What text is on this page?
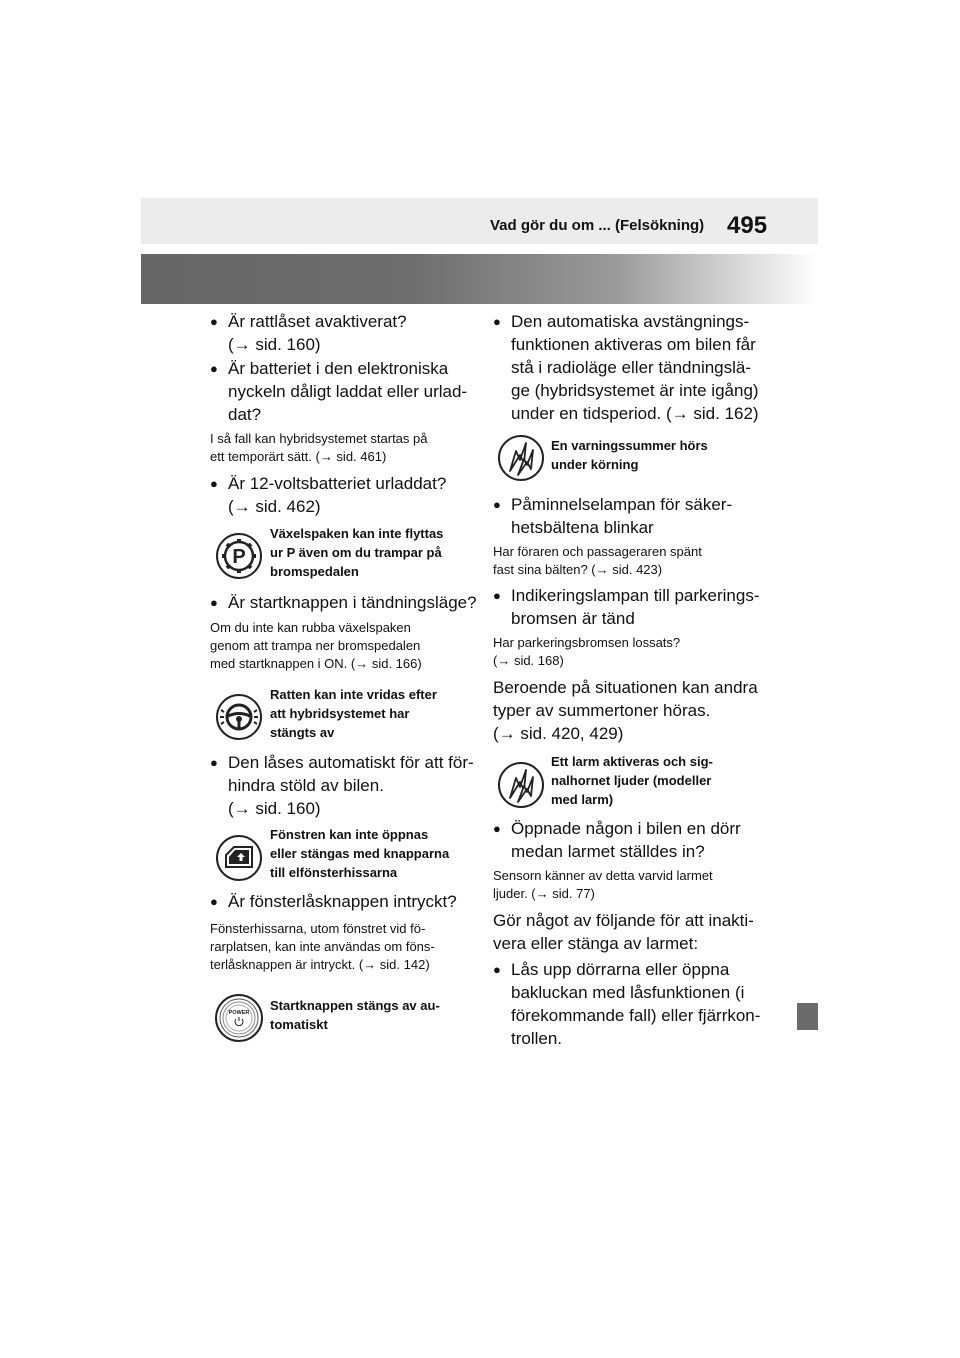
Vad gör du om ... (Felsökning) 495
● Är rattlåset avaktiverat?
(→ sid. 160)
● Är batteriet i den elektroniska
nyckeln dåligt laddat eller urlad-
dat?
I så fall kan hybridsystemet startas på
ett temporärt sätt. (→ sid. 461)
● Är 12-voltsbatteriet urladdat?
(→ sid. 462)
P
Växelspaken kan inte flyttas
ur P även om du trampar på
bromspedalen
● Är startknappen i tändningsläge?
Om du inte kan rubba växelspaken
genom att trampa ner bromspedalen
med startknappen i ON. (→ sid. 166)
Ratten kan inte vridas efter
att hybridsystemet har
stängts av
● Den låses automatiskt för att för-
hindra stöld av bilen.
(→ sid. 160)
Fönstren kan inte öppnas
eller stängas med knapparna
till elfönsterhissarna
● Är fönsterlåsknappen intryckt?
Fönsterhissarna, utom fönstret vid fö-
rarplatsen, kan inte användas om föns-
terlåsknappen är intryckt. (→ sid. 142)
POWER Startknappen stängs av au-
tomatiskt
● Den automatiska avstängnings-
funktionen aktiveras om bilen får
stå i radioläge eller tändningslä-
ge (hybridsystemet är inte igång)
under en tidsperiod. (→ sid. 162)
En varningssummer hörs
under körning
● Påminnelselampan för säker-
hetsbältena blinkar
Har föraren och passageraren spänt
fast sina bälten? (→ sid. 423)
● Indikeringslampan till parkerings-
bromsen är tänd
Har parkeringsbromsen lossats?
(→ sid. 168)
Beroende på situationen kan andra
typer av summertoner höras.
(→ sid. 420, 429)
Ett larm aktiveras och sig-
nalhornet ljuder (modeller
med larm)
● Öppnade någon i bilen en dörr
medan larmet ställdes in?
Sensorn känner av detta varvid larmet
ljuder. (→ sid. 77)
Gör något av följande för att inakti-
vera eller stänga av larmet:
● Lås upp dörrarna eller öppna
bakluckan med låsfunktionen (i
förekommande fall) eller fjärrkon-
trollen.
